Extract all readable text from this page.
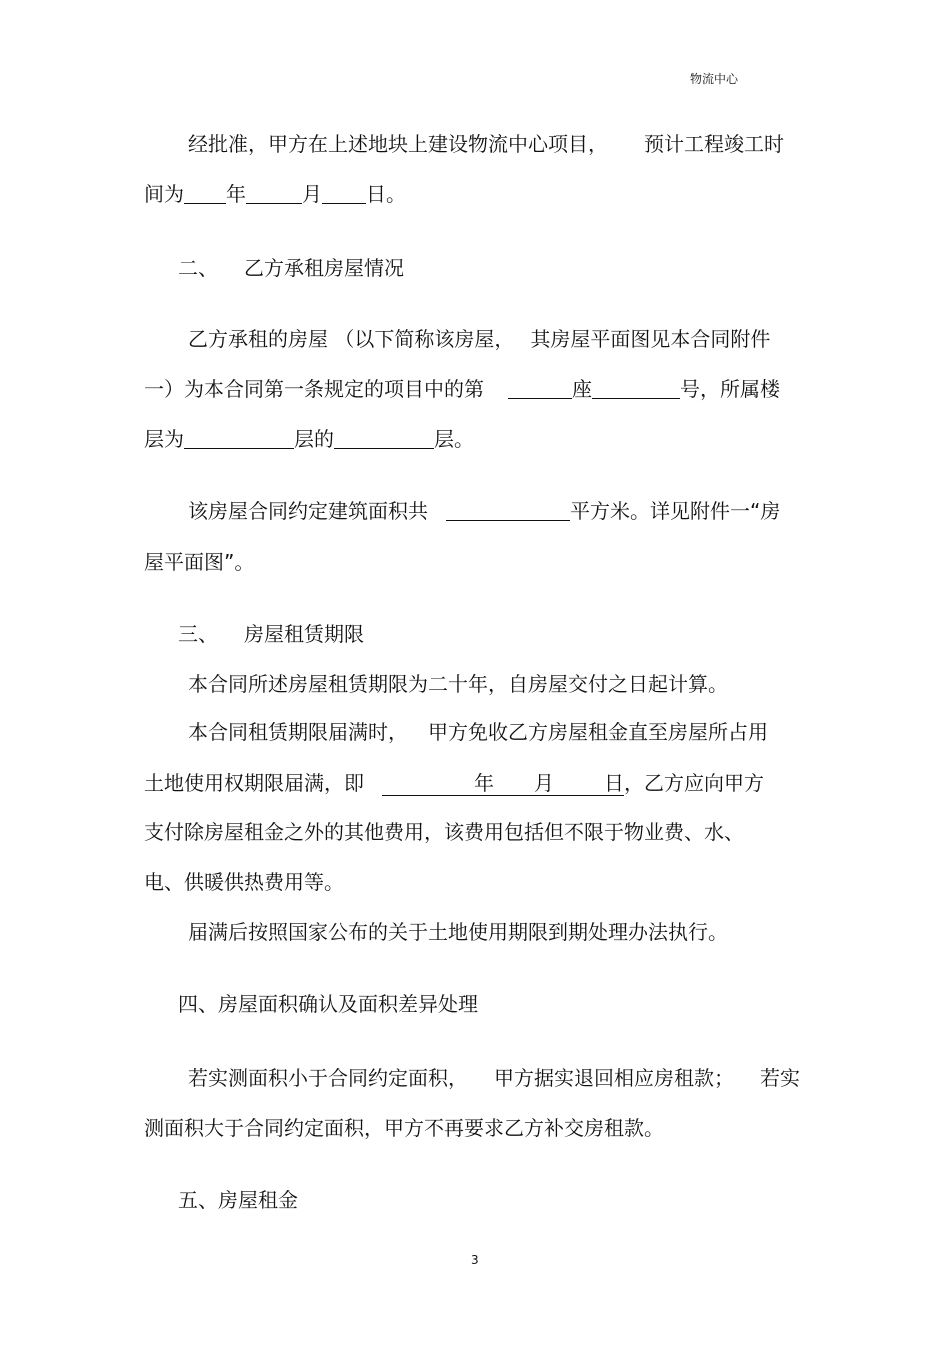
物流中心
经批准，甲方在上述地块上建设物流中心项目， 预计工程竣工时
间为 年	月 日。
二、 乙方承租房屋情况
乙方承租的房屋 （以下简称该房屋， 其房屋平面图见本合同附件
一）为本合同第一条规定的项目中的第	座	号，所属楼
层为	层的	层。
该房屋合同约定建筑面积共	平方米。详见附件一“房
屋平面图”。
三、 房屋租赁期限
本合同所述房屋租赁期限为二十年，自房屋交付之日起计算。
本合同租赁期限届满时， 甲方免收乙方房屋租金直至房屋所占用
土地使用权期限届满，即	年 月	日，乙方应向甲方
支付除房屋租金之外的其他费用，该费用包括但不限于物业费、水、
电、供暖供热费用等。
届满后按照国家公布的关于土地使用期限到期处理办法执行。
四、房屋面积确认及面积差异处理
若实测面积小于合同约定面积， 甲方据实退回相应房租款； 若实
测面积大于合同约定面积，甲方不再要求乙方补交房租款。
五、房屋租金
3
